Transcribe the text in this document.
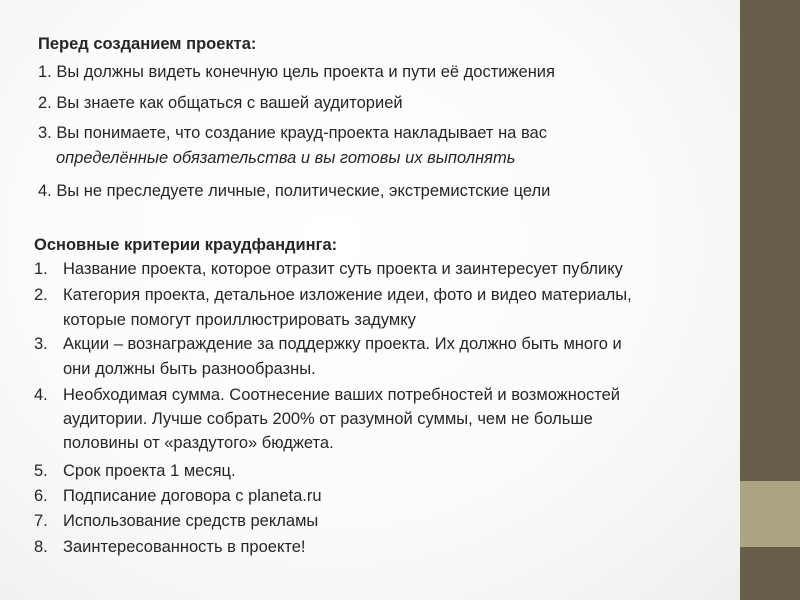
Перед созданием проекта:

1. Вы должны видеть конечную цель проекта и пути её достижения

2. Вы знаете как общаться с вашей аудиторией

3. Вы понимаете, что создание крауд-проекта накладывает на вас

определённые обязательства и вы готовы их выполнять

4. Вы не преследуете личные, политические, экстремистские цели

Основные критерии краудфандинга:

1. Название проекта, которое отразит суть проекта и заинтересует публику

2. Категория проекта, детальное изложение идеи, фото и видео материалы,

которые помогут проиллюстрировать задумку

3. Акции – вознаграждение за поддержку проекта. Их должно быть много и

они должны быть разнообразны.

4. Необходимая сумма. Соотнесение ваших потребностей и возможностей

аудитории. Лучше собрать 200% от разумной суммы, чем не больше

половины от «раздутого» бюджета.

5. Срок проекта 1 месяц.

6. Подписание договора с planeta.ru

7. Использование средств рекламы

8. Заинтересованность в проекте!
